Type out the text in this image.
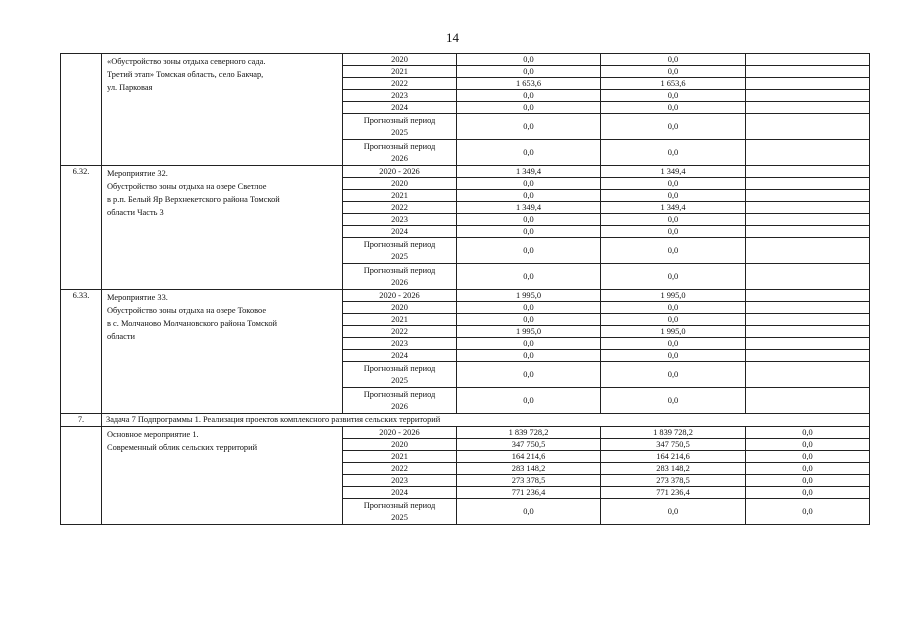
14

	«Обустройство зоны отдыха северного сада.
Третий этап» Томская область, село Бакчар,
ул. Парковая	2020	0,0	0,0	

		2021	0,0	0,0	

		2022	1 653,6	1 653,6	

		2023	0,0	0,0	

		2024	0,0	0,0	

		Прогнозный период
2025	0,0	0,0	

		Прогнозный период
2026	0,0	0,0	
6.32.	Мероприятие 32.
Обустройство зоны отдыха на озере Светлое
в р.п. Белый Яр Верхнекетского района Томской
области Часть 3	2020 - 2026	1 349,4	1 349,4	

		2020	0,0	0,0	

		2021	0,0	0,0	

		2022	1 349,4	1 349,4	

		2023	0,0	0,0	

		2024	0,0	0,0	

		Прогнозный период
2025	0,0	0,0	

		Прогнозный период
2026	0,0	0,0	
6.33.	Мероприятие 33.
Обустройство зоны отдыха на озере Токовое
в с. Молчаново Молчановского района Томской
области	2020 - 2026	1 995,0	1 995,0	

		2020	0,0	0,0	

		2021	0,0	0,0	

		2022	1 995,0	1 995,0	

		2023	0,0	0,0	

		2024	0,0	0,0	

		Прогнозный период
2025	0,0	0,0	

		Прогнозный период
2026	0,0	0,0	
7.	Задача 7 Подпрограммы 1. Реализация проектов комплексного развития сельских территорий				

	Основное мероприятие 1.
Современный облик сельских территорий	2020 - 2026	1 839 728,2	1 839 728,2	0,0

		2020	347 750,5	347 750,5	0,0

		2021	164 214,6	164 214,6	0,0

		2022	283 148,2	283 148,2	0,0

		2023	273 378,5	273 378,5	0,0

		2024	771 236,4	771 236,4	0,0

		Прогнозный период
2025	0,0	0,0	0,0
